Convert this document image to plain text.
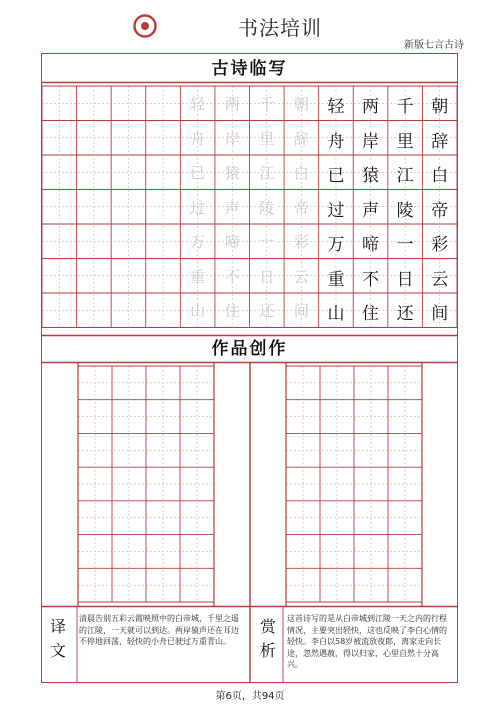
书法培训
新版七言古诗
古诗临写
作品创作
朝
朝
辞
辞
白
白
帝
帝
彩
彩
云
云
间
间
千
千
里
里
江
江
陵
陵
一
一
日
日
还
还
两
两
岸
岸
猿
猿
声
声
啼
啼
不
不
住
住
轻
轻
舟
舟
已
已
过
过
万
万
重
重
山
山
译
文
清晨告别五彩云霞映照中的白帝城，千里之遥的江陵，一天就可以到达。两岸猿声还在耳边不停地回荡，轻快的小舟已驶过万重青山。
赏
析
这首诗写的是从白帝城到江陵一天之内的行程情况，主要突出轻快，这也反映了李白心情的轻快。李白以58岁被流放夜郎，离家走向长途，忽然遇赦，得以归家，心里自然十分高兴。
第6页，共94页
